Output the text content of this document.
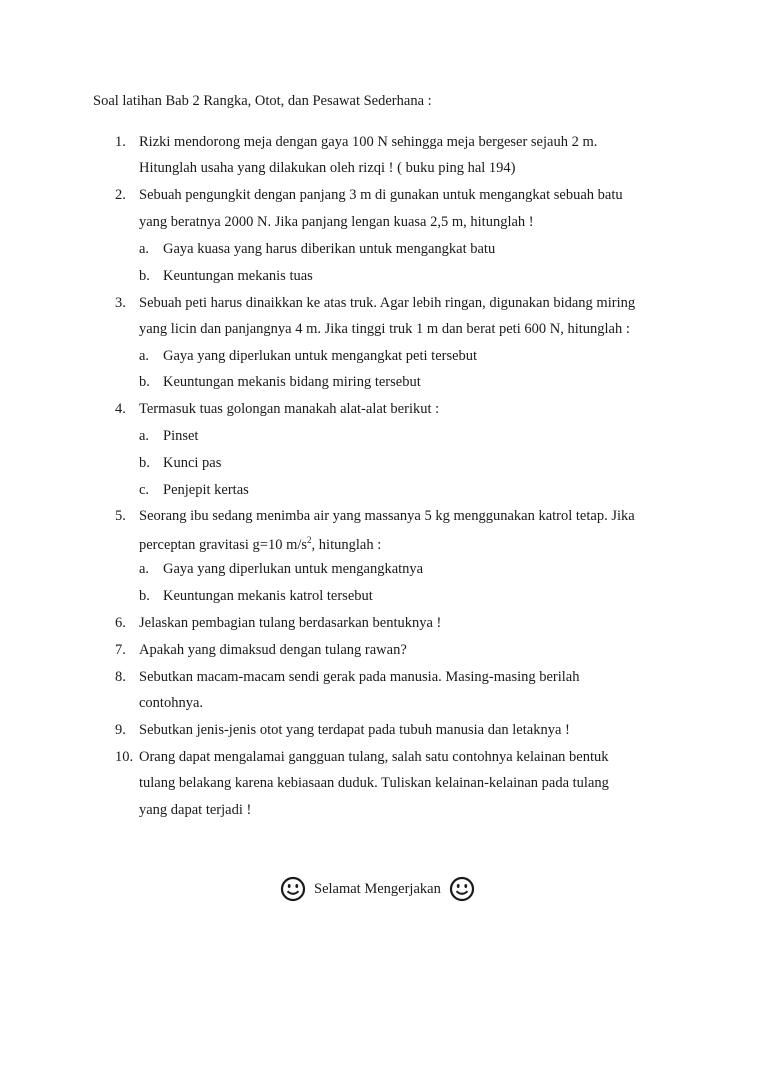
Soal latihan Bab 2 Rangka, Otot, dan Pesawat Sederhana :
1. Rizki mendorong meja dengan gaya 100 N sehingga meja bergeser sejauh 2 m.
Hitunglah usaha yang dilakukan oleh rizqi ! ( buku ping hal 194)
2. Sebuah pengungkit dengan panjang 3 m di gunakan untuk mengangkat sebuah batu
yang beratnya 2000 N. Jika panjang lengan kuasa 2,5 m, hitunglah !
a. Gaya kuasa yang harus diberikan untuk mengangkat batu
b. Keuntungan mekanis tuas
3. Sebuah peti harus dinaikkan ke atas truk. Agar lebih ringan, digunakan bidang miring
yang licin dan panjangnya 4 m. Jika tinggi truk 1 m dan berat peti 600 N, hitunglah :
a. Gaya yang diperlukan untuk mengangkat peti tersebut
b. Keuntungan mekanis bidang miring tersebut
4. Termasuk tuas golongan manakah alat-alat berikut :
a. Pinset
b. Kunci pas
c. Penjepit kertas
5. Seorang ibu sedang menimba air yang massanya 5 kg menggunakan katrol tetap. Jika
perceptan gravitasi g=10 $m/s^2$, hitunglah :
a. Gaya yang diperlukan untuk mengangkatnya
b. Keuntungan mekanis katrol tersebut
6. Jelaskan pembagian tulang berdasarkan bentuknya !
7. Apakah yang dimaksud dengan tulang rawan?
8. Sebutkan macam-macam sendi gerak pada manusia. Masing-masing berilah
contohnya.
9. Sebutkan jenis-jenis otot yang terdapat pada tubuh manusia dan letaknya !
10. Orang dapat mengalamai gangguan tulang, salah satu contohnya kelainan bentuk
tulang belakang karena kebiasaan duduk. Tuliskan kelainan-kelainan pada tulang
yang dapat terjadi !
Selamat Mengerjakan
